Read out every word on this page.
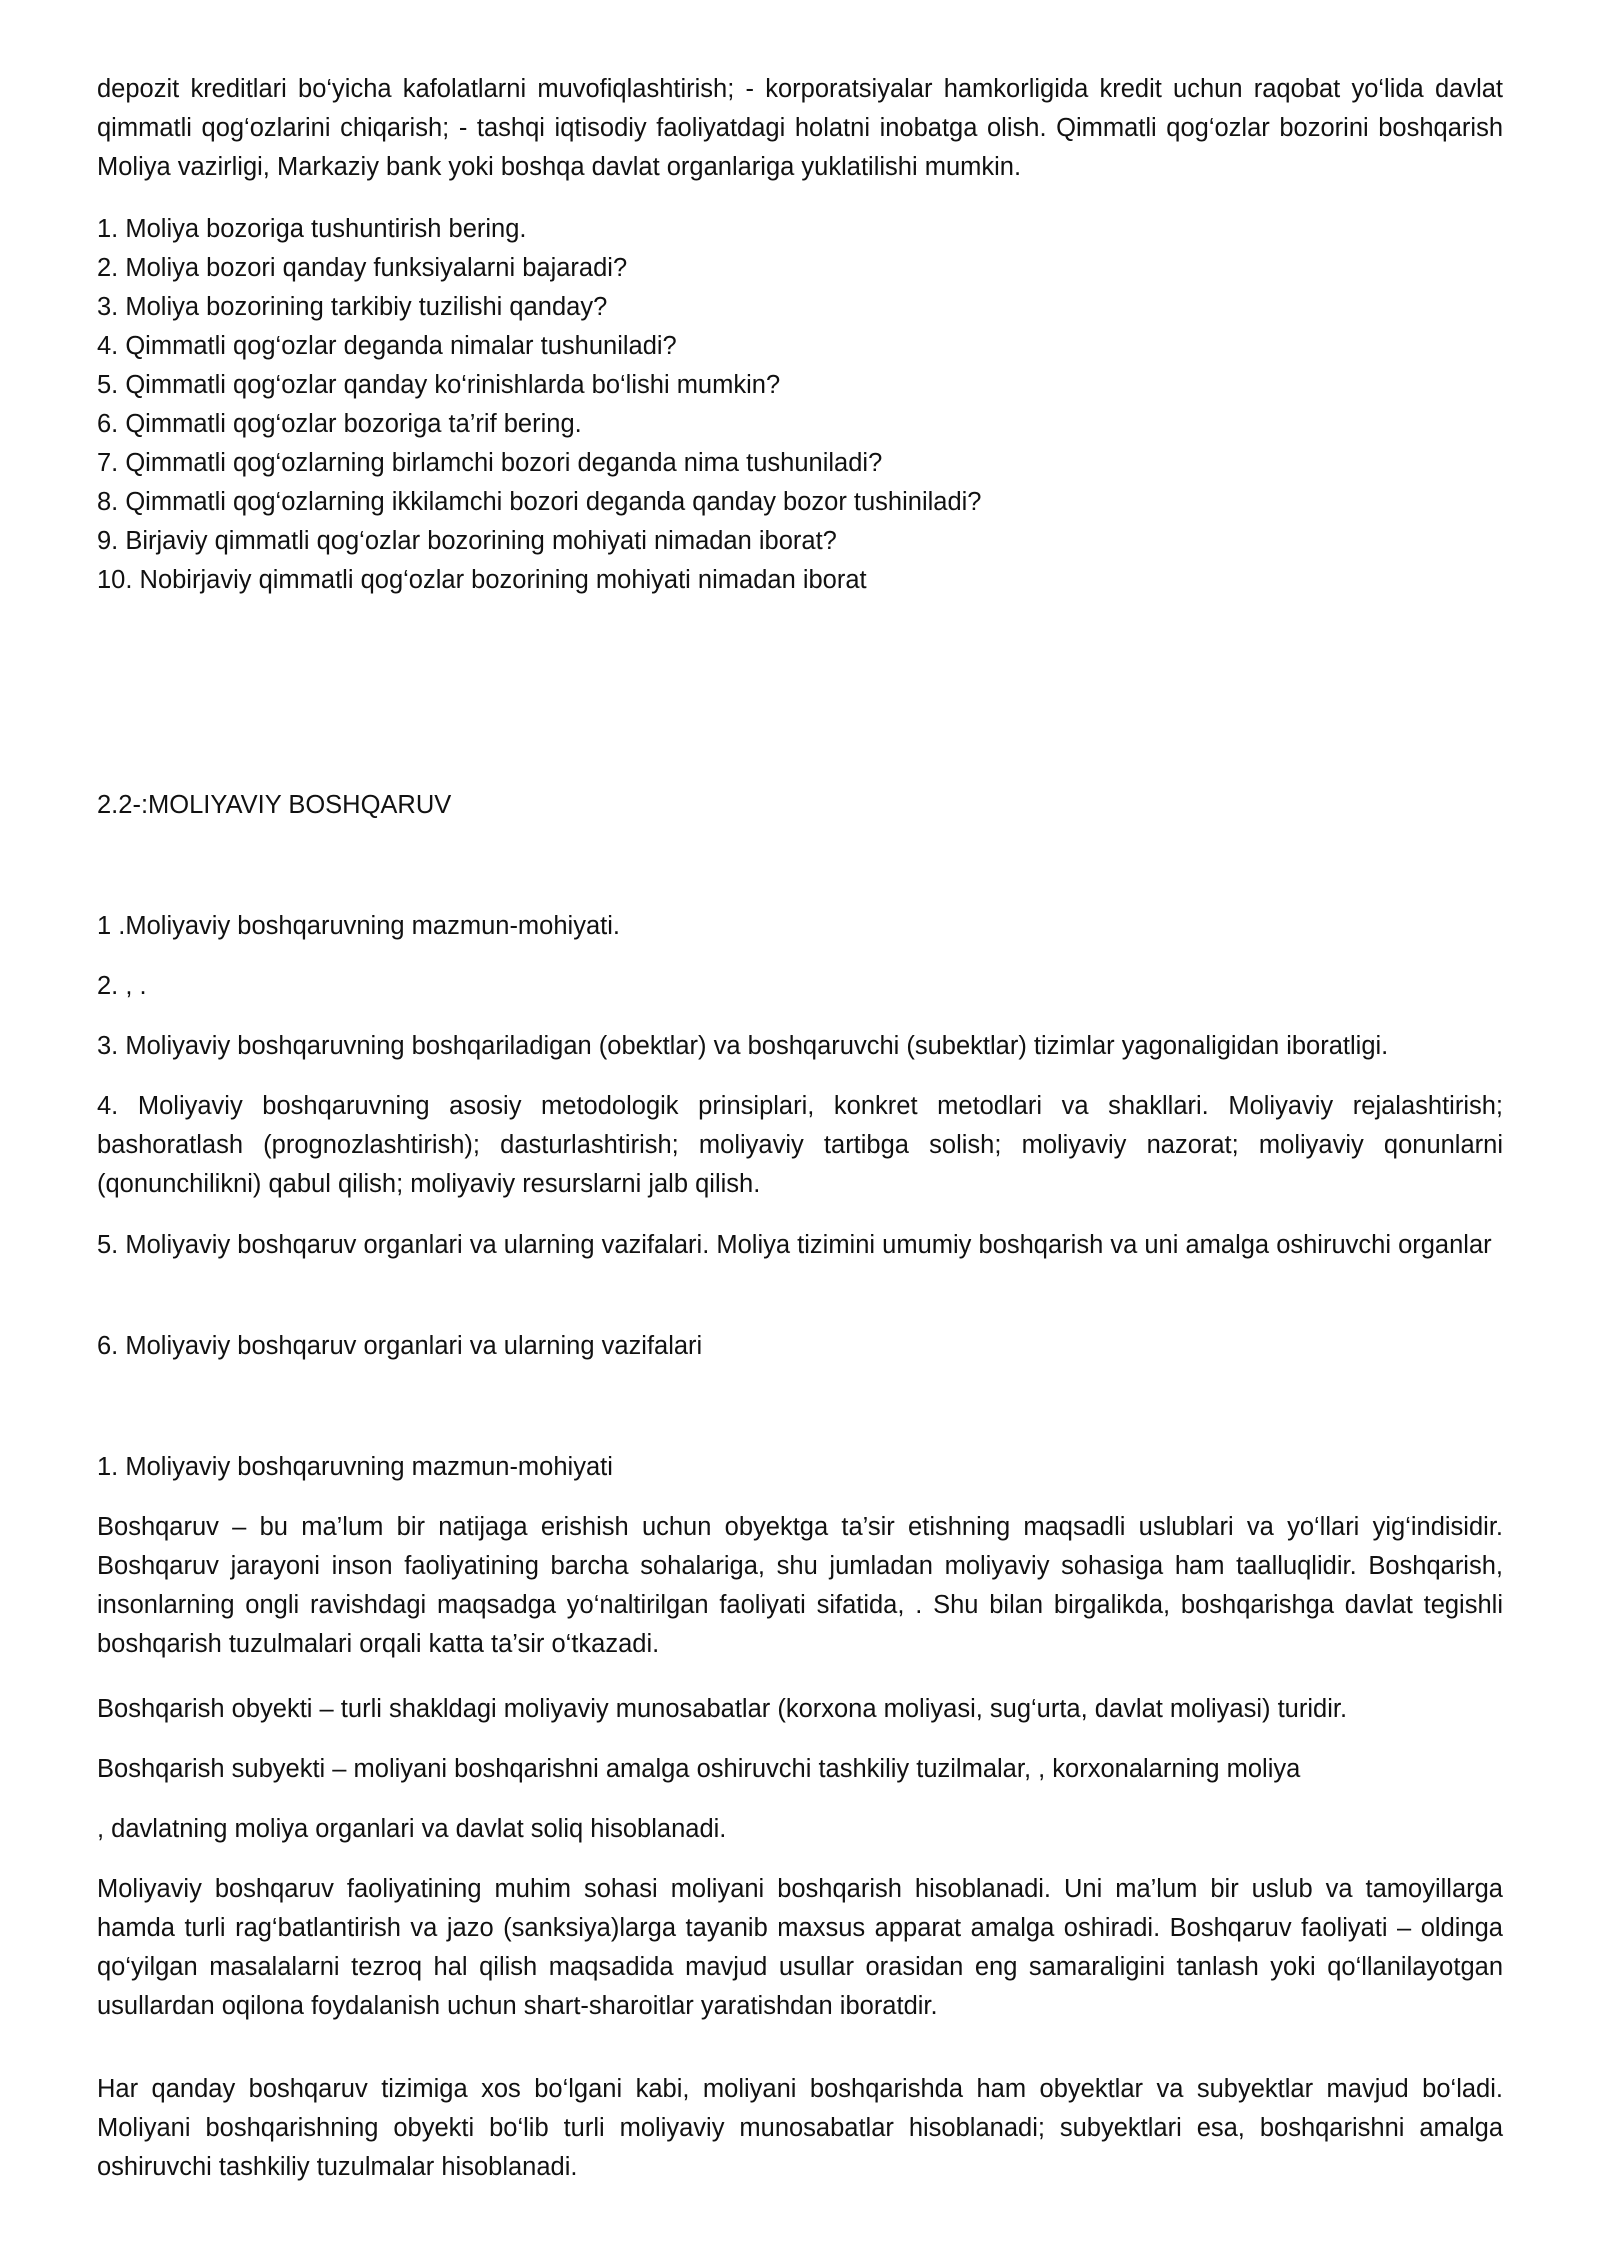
depozit kreditlari bo‘yicha kafolatlarni muvofiqlashtirish; - korporatsiyalar hamkorligida kredit uchun raqobat yo‘lida davlat qimmatli qog‘ozlarini chiqarish; - tashqi iqtisodiy faoliyatdagi holatni inobatga olish. Qimmatli qog‘ozlar bozorini boshqarish Moliya vazirligi, Markaziy bank yoki boshqa davlat organlariga yuklatilishi mumkin.

1. Moliya bozoriga tushuntirish bering.
2. Moliya bozori qanday funksiyalarni bajaradi?
3. Moliya bozorining tarkibiy tuzilishi qanday?
4. Qimmatli qog‘ozlar deganda nimalar tushuniladi?
5. Qimmatli qog‘ozlar qanday ko‘rinishlarda bo‘lishi mumkin?
6. Qimmatli qog‘ozlar bozoriga ta’rif bering.
7. Qimmatli qog‘ozlarning birlamchi bozori deganda nima tushuniladi?
8. Qimmatli qog‘ozlarning ikkilamchi bozori deganda qanday bozor tushiniladi?
9. Birjaviy qimmatli qog‘ozlar bozorining mohiyati nimadan iborat?
10. Nobirjaviy qimmatli qog‘ozlar bozorining mohiyati nimadan iborat

2.2-:MOLIYAVIY BOSHQARUV

1 .Moliyaviy boshqaruvning mazmun-mohiyati.

2. , .

3. Moliyaviy boshqaruvning boshqariladigan (obektlar) va boshqaruvchi (subektlar) tizimlar yagonaligidan iboratligi.

4. Moliyaviy boshqaruvning asosiy metodologik prinsiplari, konkret metodlari va shakllari. Moliyaviy rejalashtirish; bashoratlash (prognozlashtirish); dasturlashtirish; moliyaviy tartibga solish; moliyaviy nazorat; moliyaviy qonunlarni (qonunchilikni) qabul qilish; moliyaviy resurslarni jalb qilish.

5. Moliyaviy boshqaruv organlari va ularning vazifalari. Moliya tizimini umumiy boshqarish va uni amalga oshiruvchi organlar

6. Moliyaviy boshqaruv organlari va ularning vazifalari

1. Moliyaviy boshqaruvning mazmun-mohiyati

Boshqaruv – bu ma’lum bir natijaga erishish uchun obyektga ta’sir etishning maqsadli uslublari va yo‘llari yig‘indisidir. Boshqaruv jarayoni inson faoliyatining barcha sohalariga, shu jumladan moliyaviy sohasiga ham taalluqlidir. Boshqarish, insonlarning ongli ravishdagi maqsadga yo‘naltirilgan faoliyati sifatida, . Shu bilan birgalikda, boshqarishga davlat tegishli boshqarish tuzulmalari orqali katta ta’sir o‘tkazadi.

Boshqarish obyekti – turli shakldagi moliyaviy munosabatlar (korxona moliyasi, sug‘urta, davlat moliyasi) turidir.

Boshqarish subyekti – moliyani boshqarishni amalga oshiruvchi tashkiliy tuzilmalar, , korxonalarning moliya

, davlatning moliya organlari va davlat soliq hisoblanadi.

Moliyaviy boshqaruv faoliyatining muhim sohasi moliyani boshqarish hisoblanadi. Uni ma’lum bir uslub va tamoyillarga hamda turli rag‘batlantirish va jazo (sanksiya)larga tayanib maxsus apparat amalga oshiradi. Boshqaruv faoliyati – oldinga qo‘yilgan masalalarni tezroq hal qilish maqsadida mavjud usullar orasidan eng samaraligini tanlash yoki qo‘llanilayotgan usullardan oqilona foydalanish uchun shart-sharoitlar yaratishdan iboratdir.

Har qanday boshqaruv tizimiga xos bo‘lgani kabi, moliyani boshqarishda ham obyektlar va subyektlar mavjud bo‘ladi. Moliyani boshqarishning obyekti bo‘lib turli moliyaviy munosabatlar hisoblanadi; subyektlari esa, boshqarishni amalga oshiruvchi tashkiliy tuzulmalar hisoblanadi.
